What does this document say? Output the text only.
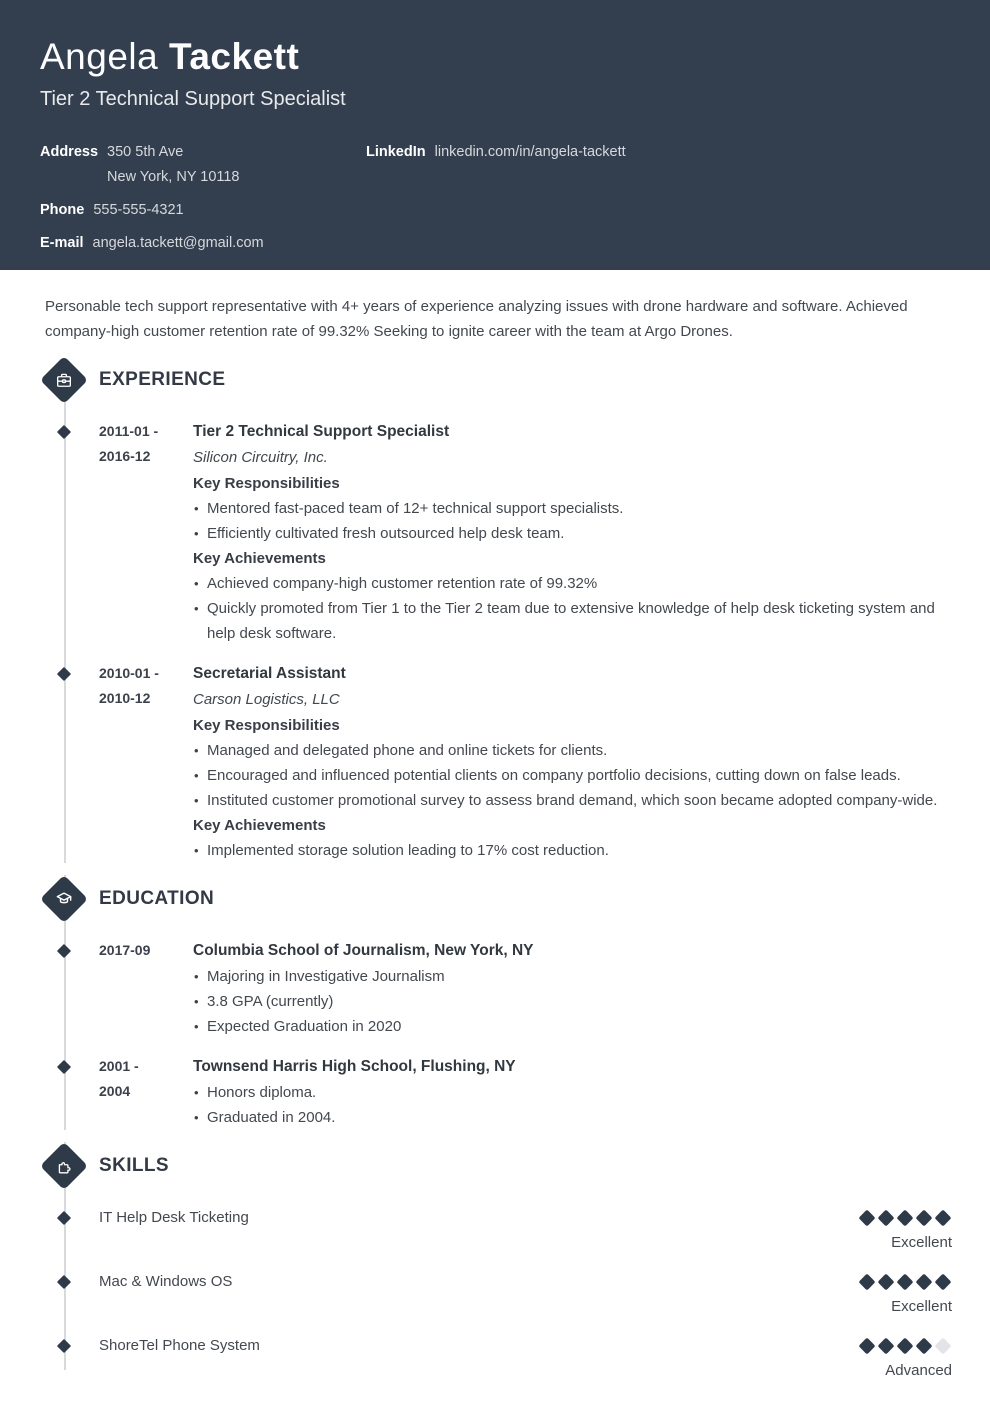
Angela Tackett
Tier 2 Technical Support Specialist
Address 350 5th Ave
New York, NY 10118
Phone 555-555-4321
E-mail angela.tackett@gmail.com
LinkedIn linkedin.com/in/angela-tackett

Personable tech support representative with 4+ years of experience analyzing issues with drone hardware and software. Achieved company-high customer retention rate of 99.32% Seeking to ignite career with the team at Argo Drones.

EXPERIENCE
2011-01 -
2016-12
Tier 2 Technical Support Specialist
Silicon Circuitry, Inc.
Key Responsibilities
• Mentored fast-paced team of 12+ technical support specialists.
• Efficiently cultivated fresh outsourced help desk team.
Key Achievements
• Achieved company-high customer retention rate of 99.32%
• Quickly promoted from Tier 1 to the Tier 2 team due to extensive knowledge of help desk ticketing system and help desk software.
2010-01 -
2010-12
Secretarial Assistant
Carson Logistics, LLC
Key Responsibilities
• Managed and delegated phone and online tickets for clients.
• Encouraged and influenced potential clients on company portfolio decisions, cutting down on false leads.
• Instituted customer promotional survey to assess brand demand, which soon became adopted company-wide.
Key Achievements
• Implemented storage solution leading to 17% cost reduction.
EDUCATION
2017-09	Columbia School of Journalism, New York, NY
• Majoring in Investigative Journalism
• 3.8 GPA (currently)
• Expected Graduation in 2020
2001 -
2004
Townsend Harris High School, Flushing, NY
• Honors diploma.
• Graduated in 2004.
SKILLS
IT Help Desk Ticketing
Excellent
Mac & Windows OS
Excellent
ShoreTel Phone System
Advanced
